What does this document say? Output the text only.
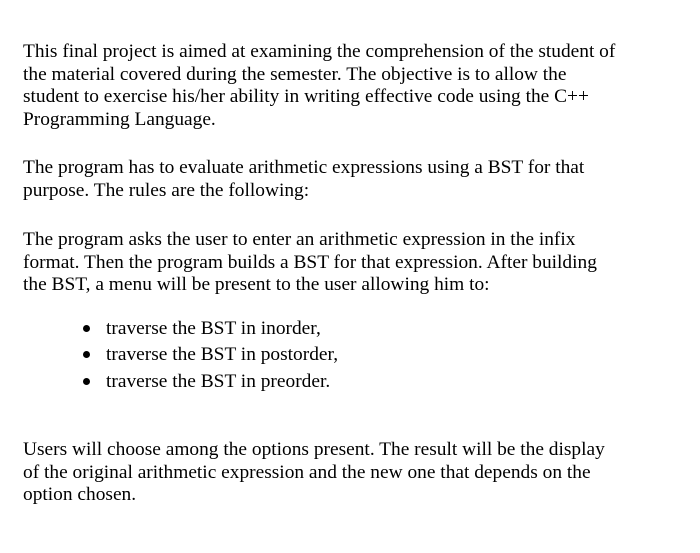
This final project is aimed at examining the comprehension of the student of
the material covered during the semester. The objective is to allow the
student to exercise his/her ability in writing effective code using the C++
Programming Language.

The program has to evaluate arithmetic expressions using a BST for that
purpose. The rules are the following:

The program asks the user to enter an arithmetic expression in the infix
format. Then the program builds a BST for that expression. After building
the BST, a menu will be present to the user allowing him to:

traverse the BST in inorder,
traverse the BST in postorder,
traverse the BST in preorder.

Users will choose among the options present. The result will be the display
of the original arithmetic expression and the new one that depends on the
option chosen.
